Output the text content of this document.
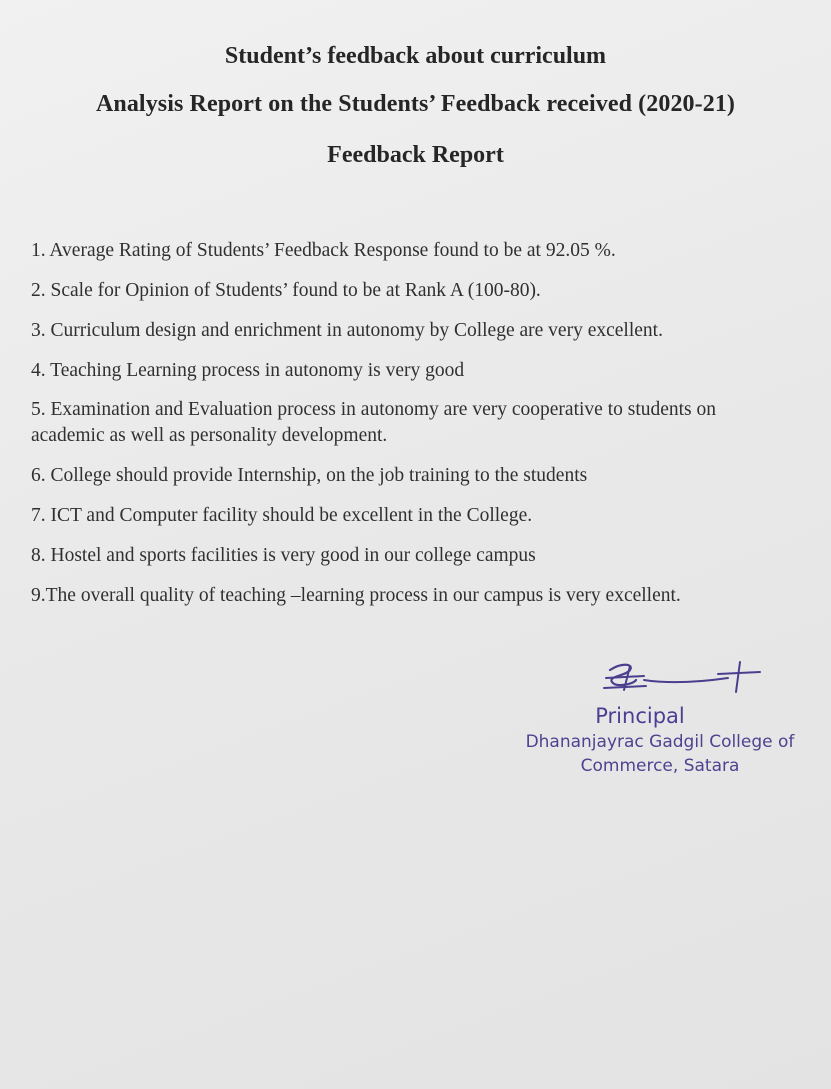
Student’s feedback about curriculum
Analysis Report on the Students’ Feedback received (2020-21)
Feedback Report
1. Average Rating of Students’ Feedback Response found to be at 92.05 %.
2. Scale for Opinion of Students’ found to be at Rank A (100-80).
3. Curriculum design and enrichment in autonomy by College are very excellent.
4. Teaching Learning process in autonomy is very good
5. Examination and Evaluation process in autonomy are very cooperative to students on academic as well as personality development.
6. College should provide Internship, on the job training to the students
7. ICT and Computer facility should be excellent in the College.
8. Hostel and sports facilities is very good in our college campus
9.The overall quality of teaching –learning process in our campus is very excellent.
Principal
Dhananjayrac Gadgil College of
Commerce, Satara
